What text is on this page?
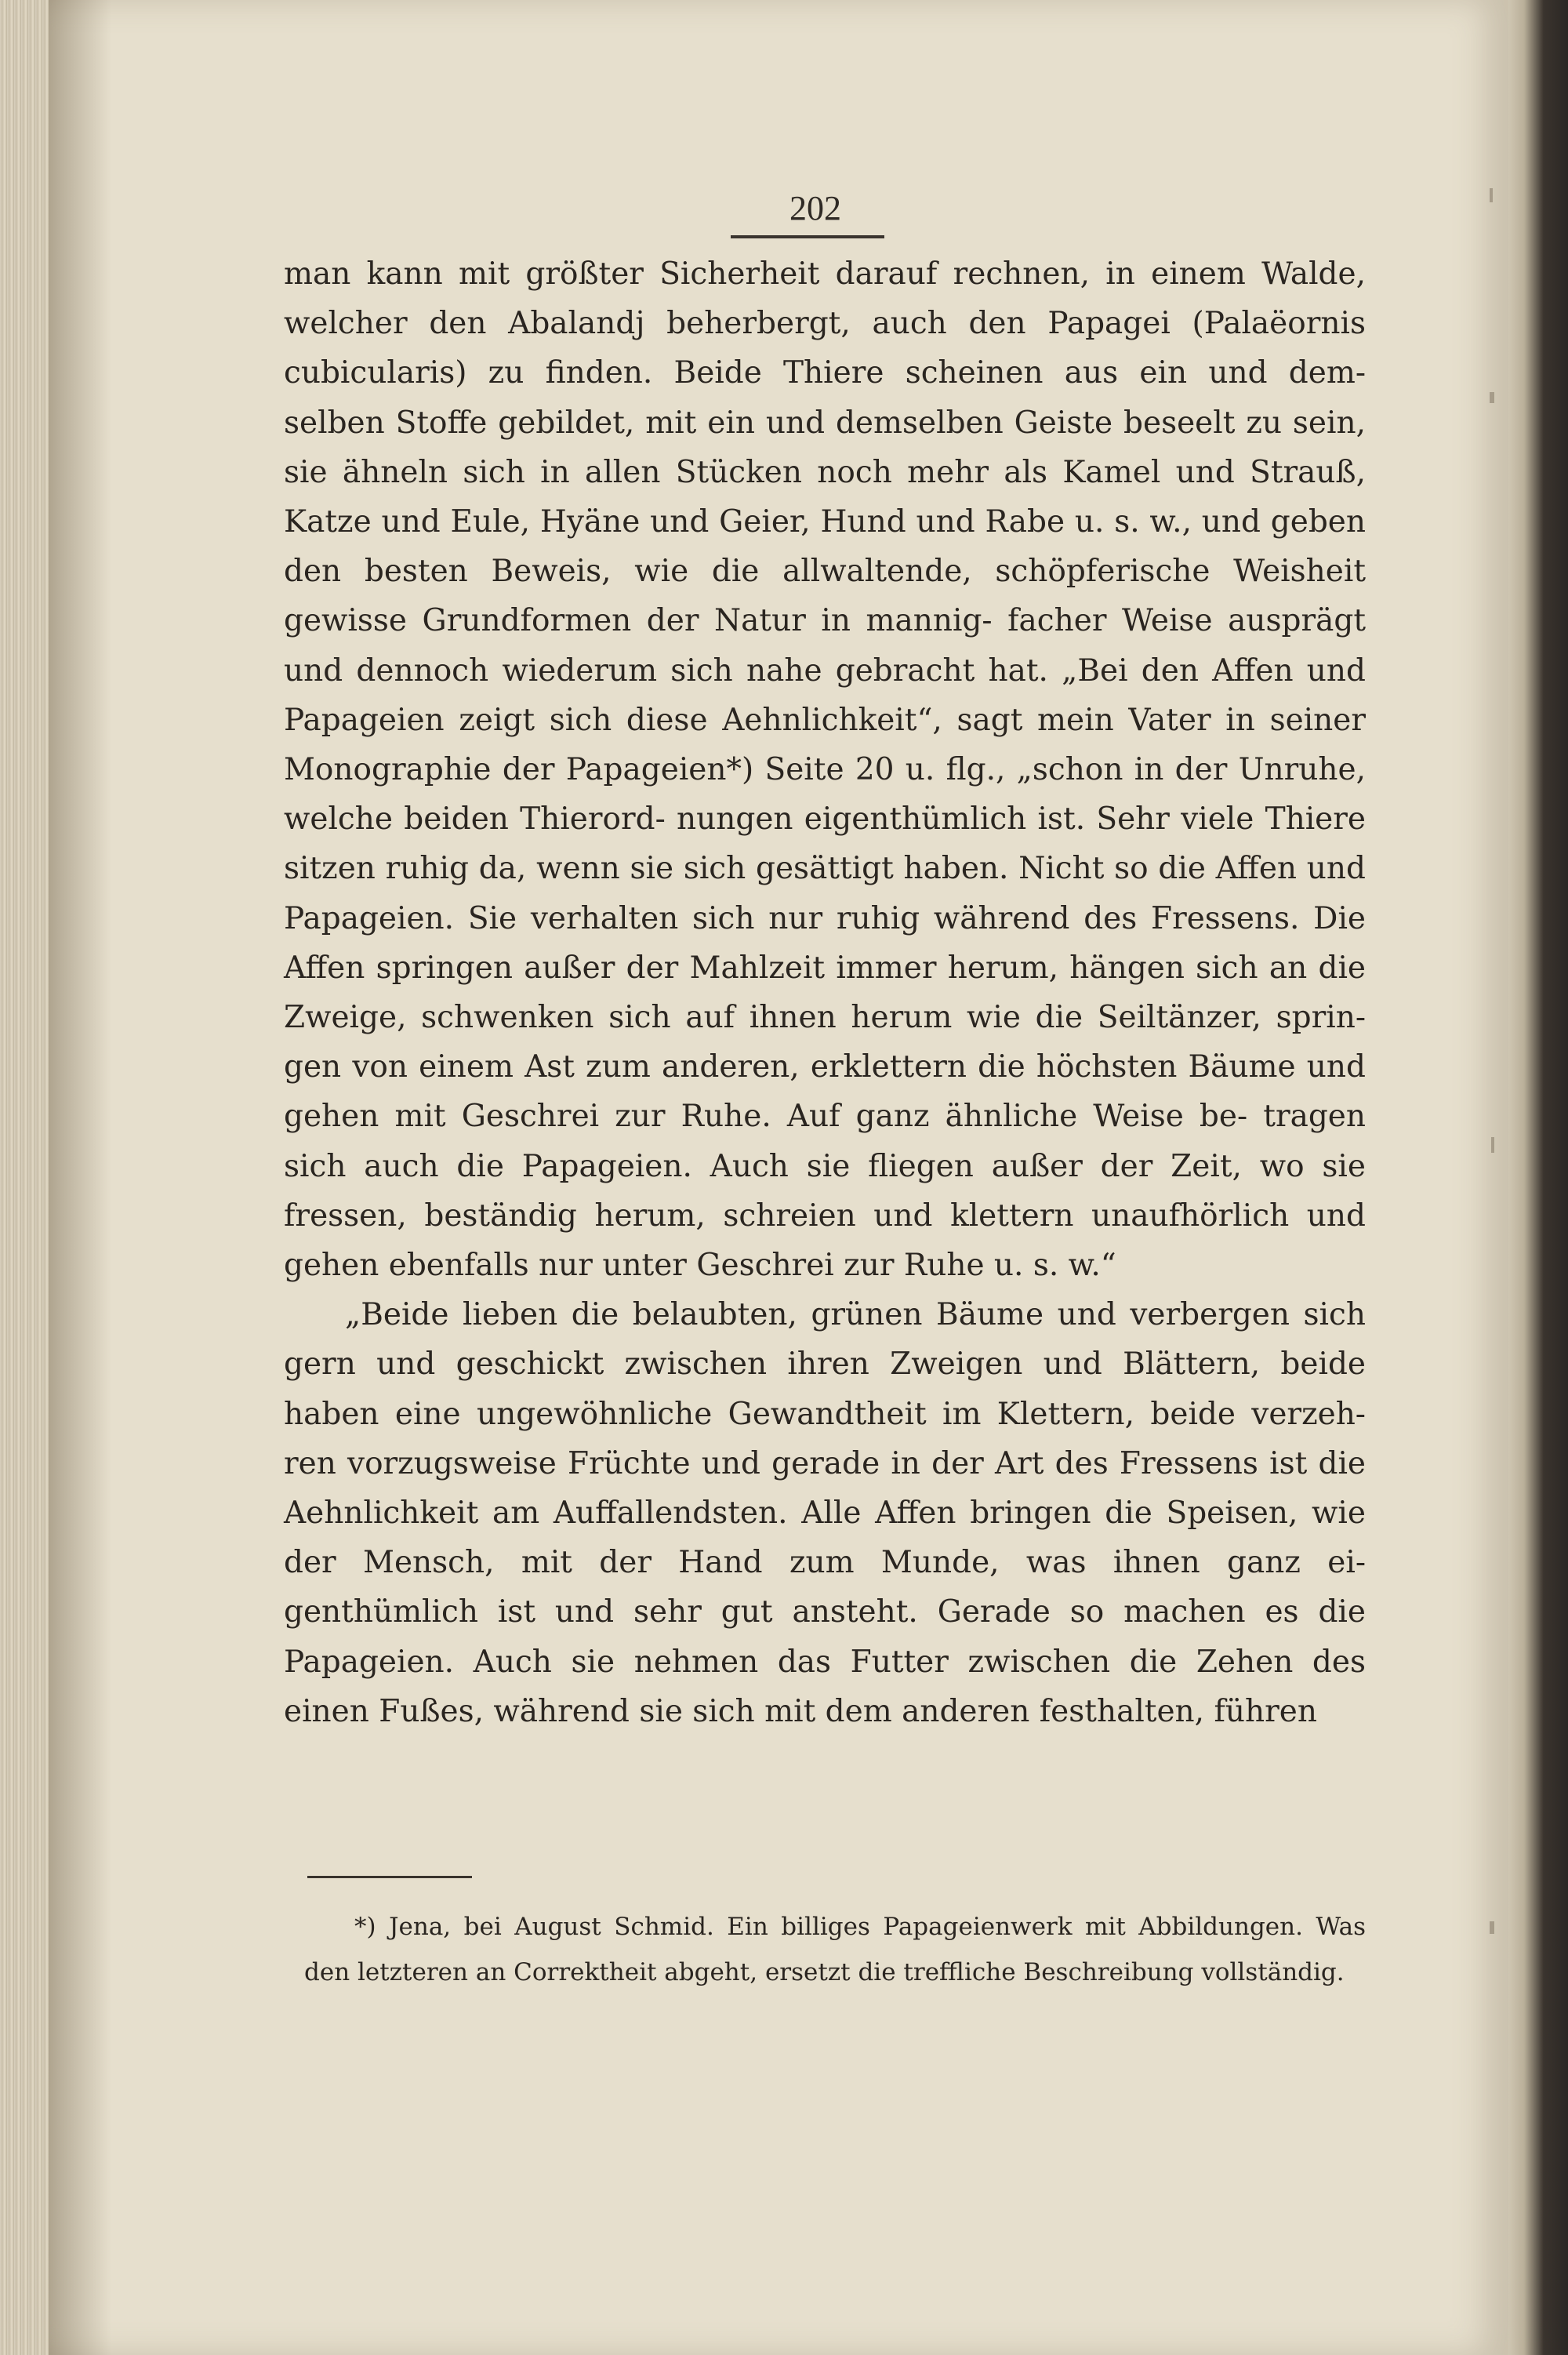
202

man kann mit größter Sicherheit darauf rechnen, in einem Walde, welcher den Abalandj beherbergt, auch den Papagei (Palaëornis cubicularis) zu finden. Beide Thiere scheinen aus ein und dem- selben Stoffe gebildet, mit ein und demselben Geiste beseelt zu sein, sie ähneln sich in allen Stücken noch mehr als Kamel und Strauß, Katze und Eule, Hyäne und Geier, Hund und Rabe u. s. w., und geben den besten Beweis, wie die allwaltende, schöpferische Weisheit gewisse Grundformen der Natur in mannig- facher Weise ausprägt und dennoch wiederum sich nahe gebracht hat. „Bei den Affen und Papageien zeigt sich diese Aehnlichkeit“, sagt mein Vater in seiner Monographie der Papageien*) Seite 20 u. flg., „schon in der Unruhe, welche beiden Thierord- nungen eigenthümlich ist. Sehr viele Thiere sitzen ruhig da, wenn sie sich gesättigt haben. Nicht so die Affen und Papageien. Sie verhalten sich nur ruhig während des Fressens. Die Affen springen außer der Mahlzeit immer herum, hängen sich an die Zweige, schwenken sich auf ihnen herum wie die Seiltänzer, sprin- gen von einem Ast zum anderen, erklettern die höchsten Bäume und gehen mit Geschrei zur Ruhe. Auf ganz ähnliche Weise be- tragen sich auch die Papageien. Auch sie fliegen außer der Zeit, wo sie fressen, beständig herum, schreien und klettern unaufhörlich und gehen ebenfalls nur unter Geschrei zur Ruhe u. s. w.“

„Beide lieben die belaubten, grünen Bäume und verbergen sich gern und geschickt zwischen ihren Zweigen und Blättern, beide haben eine ungewöhnliche Gewandtheit im Klettern, beide verzeh- ren vorzugsweise Früchte und gerade in der Art des Fressens ist die Aehnlichkeit am Auffallendsten. Alle Affen bringen die Speisen, wie der Mensch, mit der Hand zum Munde, was ihnen ganz ei- genthümlich ist und sehr gut ansteht. Gerade so machen es die Papageien. Auch sie nehmen das Futter zwischen die Zehen des einen Fußes, während sie sich mit dem anderen festhalten, führen

*) Jena, bei August Schmid. Ein billiges Papageienwerk mit Abbildungen. Was den letzteren an Correktheit abgeht, ersetzt die treffliche Beschreibung vollständig.
